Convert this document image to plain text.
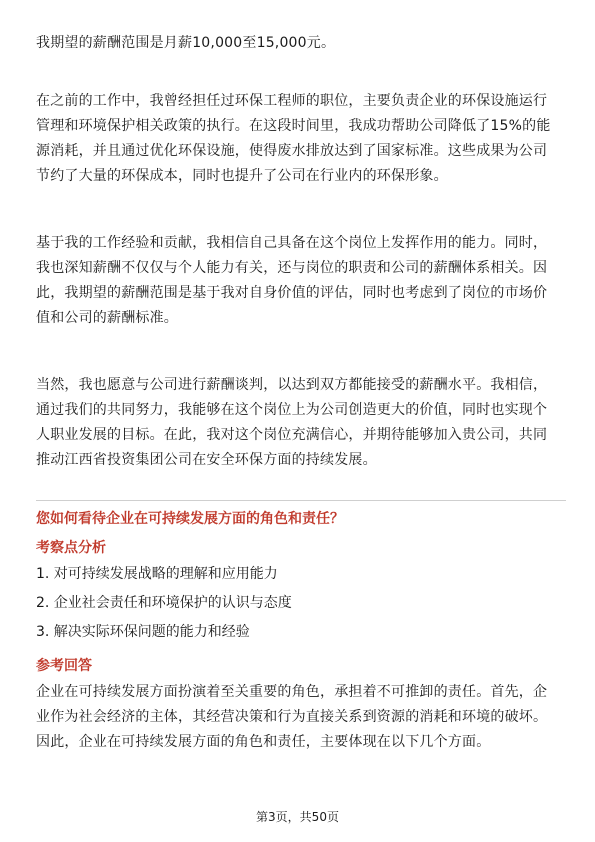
我期望的薪酬范围是月薪10,000至15,000元。

在之前的工作中，我曾经担任过环保工程师的职位，主要负责企业的环保设施运行
管理和环境保护相关政策的执行。在这段时间里，我成功帮助公司降低了15%的能
源消耗，并且通过优化环保设施，使得废水排放达到了国家标准。这些成果为公司
节约了大量的环保成本，同时也提升了公司在行业内的环保形象。

基于我的工作经验和贡献，我相信自己具备在这个岗位上发挥作用的能力。同时，
我也深知薪酬不仅仅与个人能力有关，还与岗位的职责和公司的薪酬体系相关。因
此，我期望的薪酬范围是基于我对自身价值的评估，同时也考虑到了岗位的市场价
值和公司的薪酬标准。

当然，我也愿意与公司进行薪酬谈判，以达到双方都能接受的薪酬水平。我相信，
通过我们的共同努力，我能够在这个岗位上为公司创造更大的价值，同时也实现个
人职业发展的目标。在此，我对这个岗位充满信心，并期待能够加入贵公司，共同
推动江西省投资集团公司在安全环保方面的持续发展。

您如何看待企业在可持续发展方面的角色和责任？

考察点分析

1. 对可持续发展战略的理解和应用能力
2. 企业社会责任和环境保护的认识与态度
3. 解决实际环保问题的能力和经验

参考回答

企业在可持续发展方面扮演着至关重要的角色，承担着不可推卸的责任。首先，企
业作为社会经济的主体，其经营决策和行为直接关系到资源的消耗和环境的破坏。
因此，企业在可持续发展方面的角色和责任，主要体现在以下几个方面。

第3页，共50页
